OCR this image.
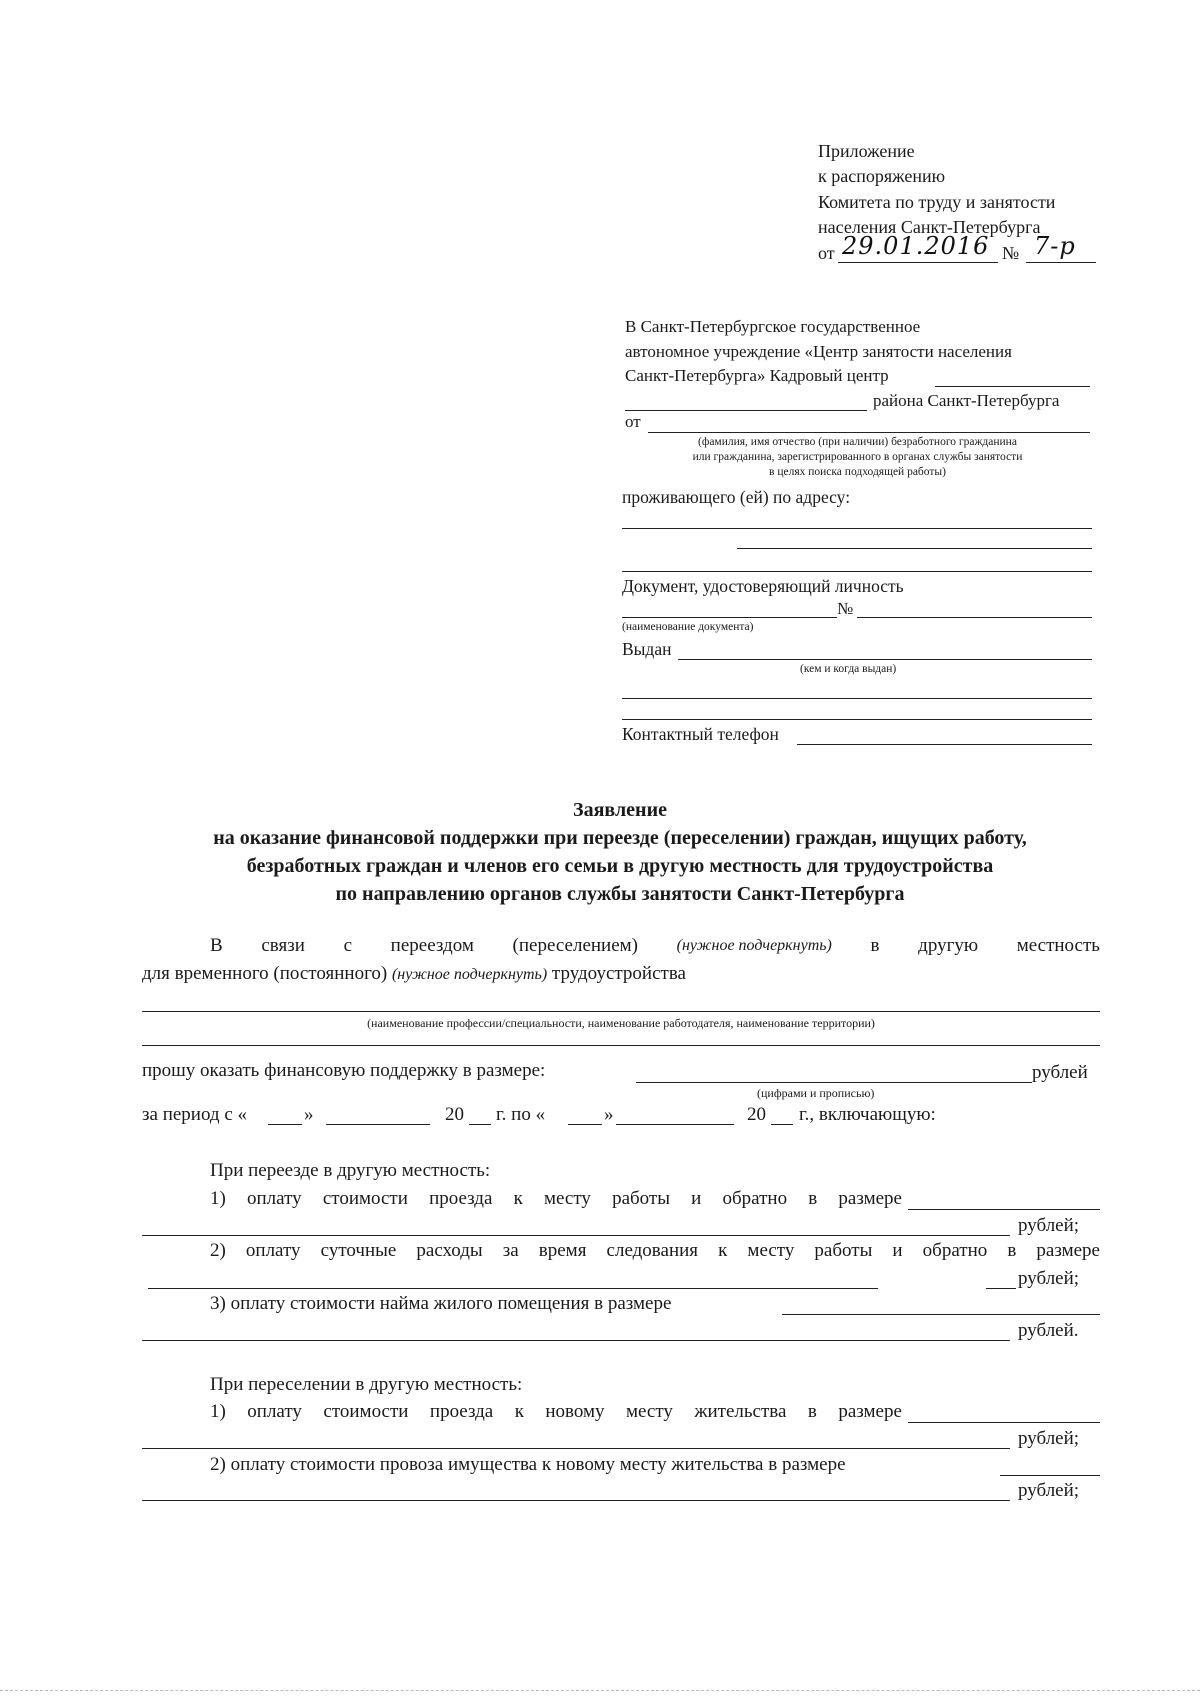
Приложение
к распоряжению
Комитета по труду и занятости
населения Санкт-Петербурга
от 29.01.2016 № 7-р
В Санкт-Петербургское государственное
автономное учреждение «Центр занятости населения
Санкт-Петербурга» Кадровый центр
района Санкт-Петербурга
от
(фамилия, имя отчество (при наличии) безработного гражданина
или гражданина, зарегистрированного в органах службы занятости
в целях поиска подходящей работы)
проживающего (ей) по адресу:
Документ, удостоверяющий личность
№
(наименование документа)
Выдан
(кем и когда выдан)
Контактный телефон
Заявление
на оказание финансовой поддержки при переезде (переселении) граждан, ищущих работу,
безработных граждан и членов его семьи в другую местность для трудоустройства
по направлению органов службы занятости Санкт-Петербурга
В связи с переездом (переселением) (нужное подчеркнуть) в другую местность
для временного (постоянного) (нужное подчеркнуть) трудоустройства
(наименование профессии/специальности, наименование работодателя, наименование территории)
прошу оказать финансовую поддержку в размере:	рублей
(цифрами и прописью)
за период с «	»	20 г. по «	»	20 г., включающую:
При переезде в другую местность:
1) оплату стоимости проезда к месту работы и обратно в размере
рублей;
2) оплату суточные расходы за время следования к месту работы и обратно в размере
рублей;
3) оплату стоимости найма жилого помещения в размере
рублей.
При переселении в другую местность:
1) оплату стоимости проезда к новому месту жительства в размере
рублей;
2) оплату стоимости провоза имущества к новому месту жительства в размере
рублей;
